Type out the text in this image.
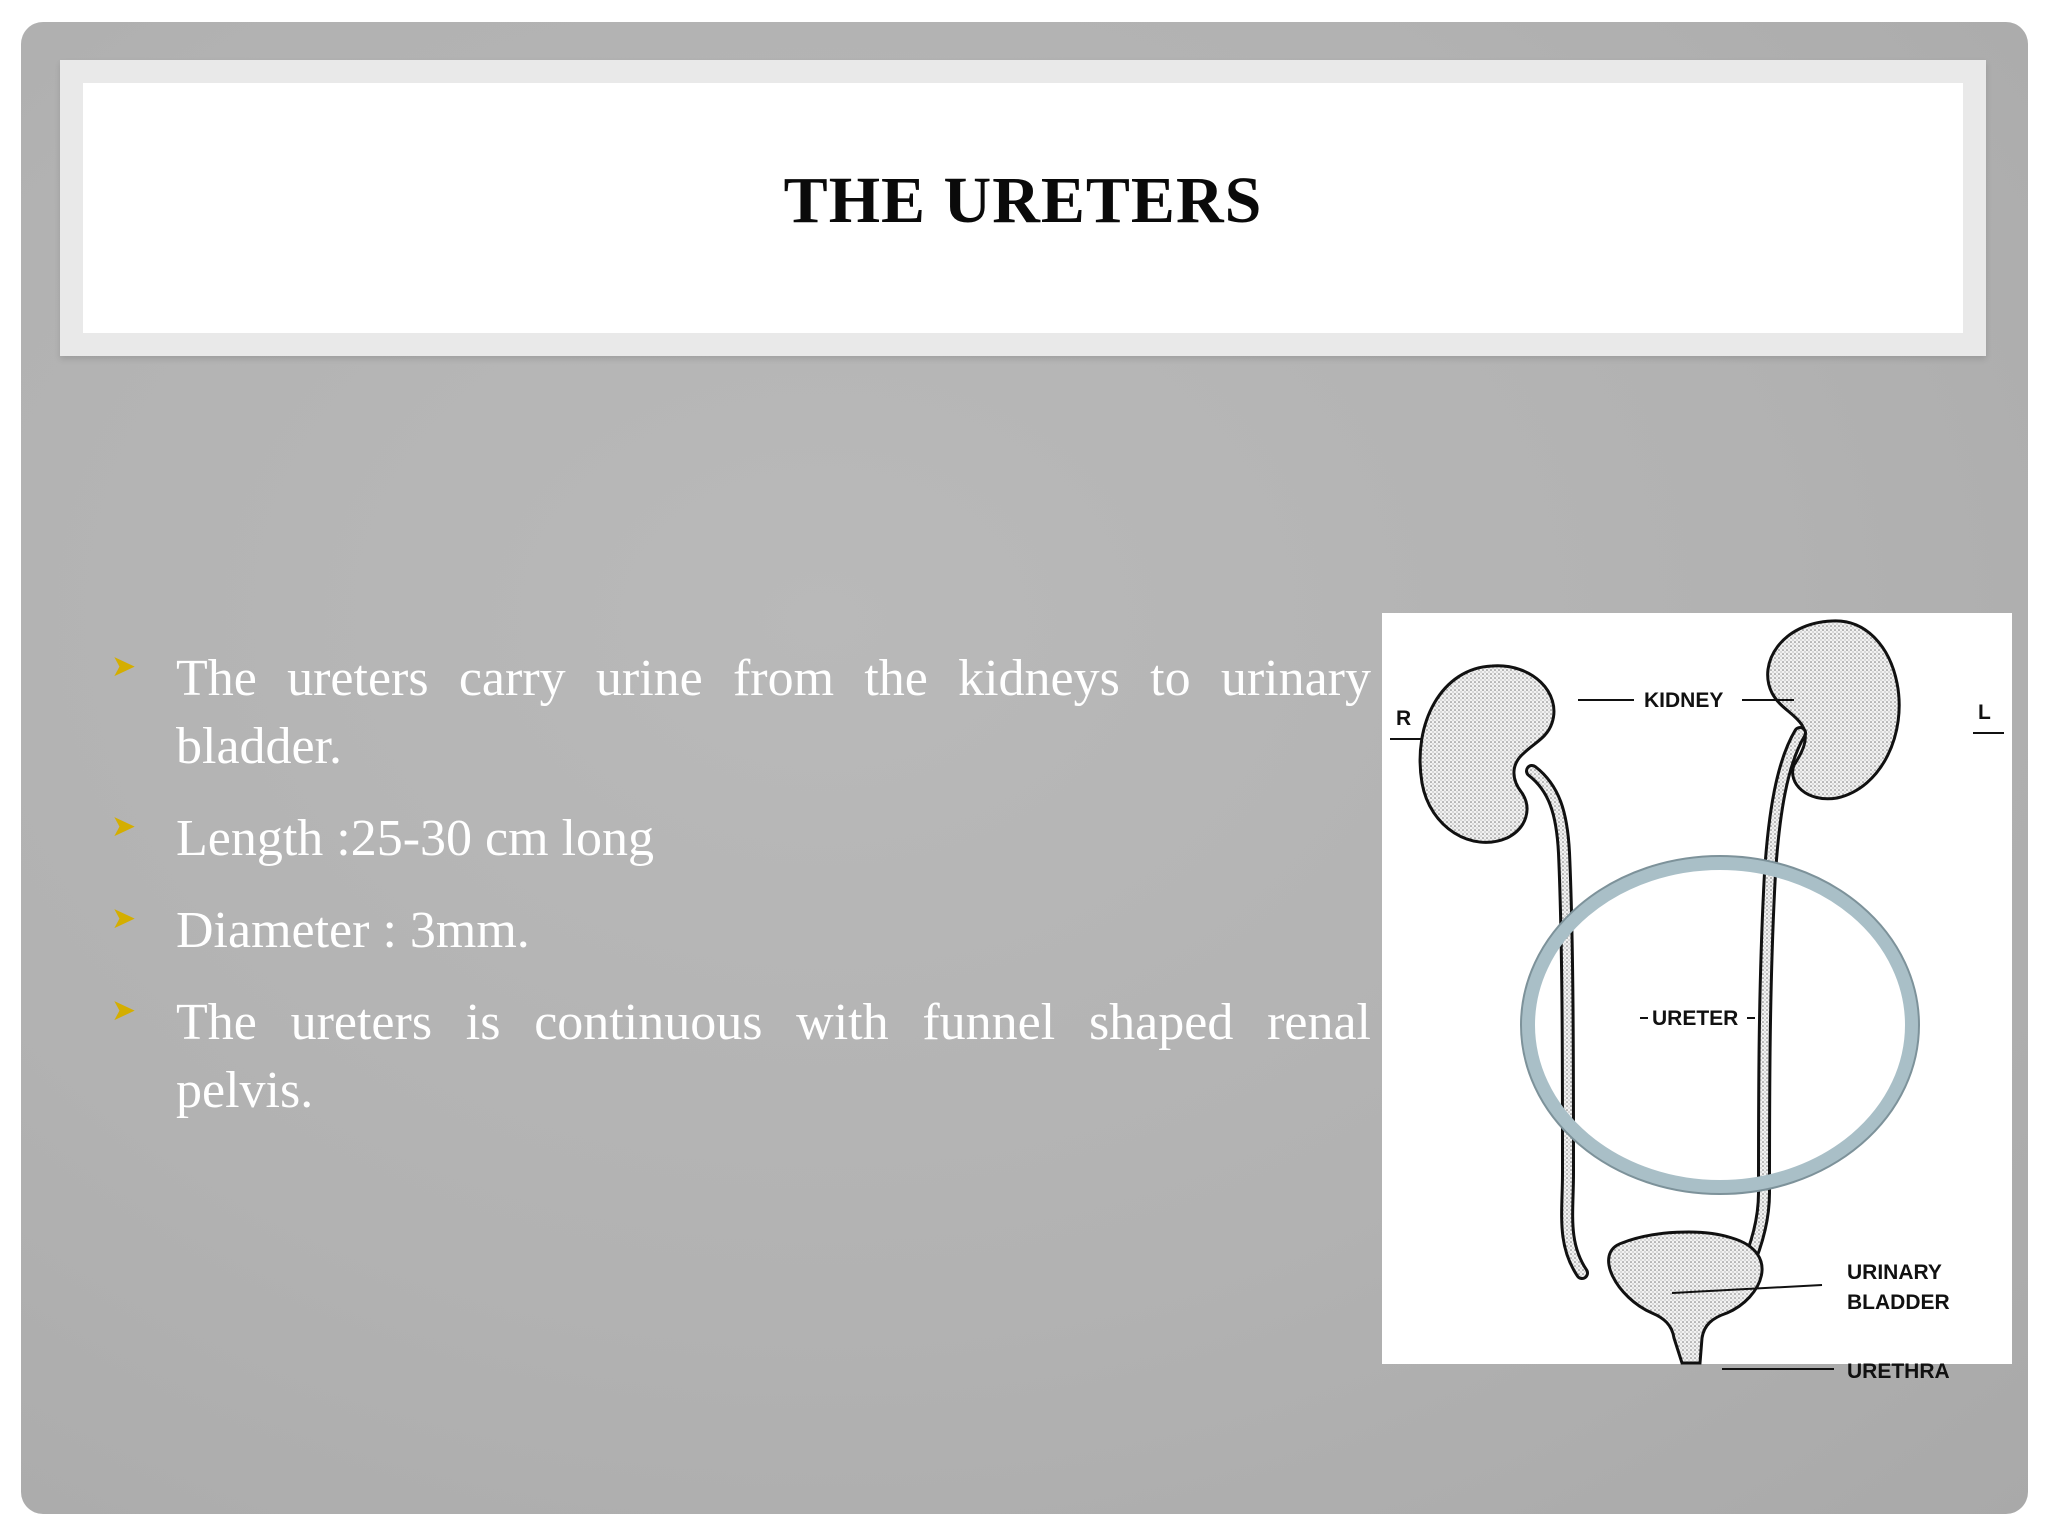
THE URETERS
➤ The ureters carry urine from the kidneys to urinary bladder.
➤ Length :25-30 cm long
➤ Diameter : 3mm.
➤ The ureters is continuous with funnel shaped renal pelvis.
R	L
KIDNEY
URETER
URINARY
BLADDER
URETHRA
